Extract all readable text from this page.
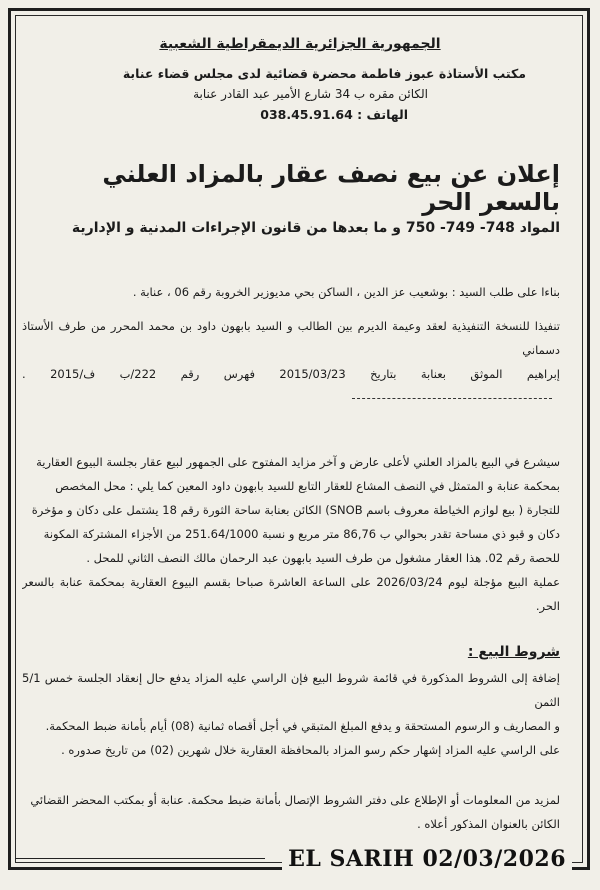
الجمهورية الجزائرية الديمقراطية الشعبية
مكتب الأستاذة عبوز فاطمة محضرة قضائية لدى مجلس قضاء عنابة
الكائن مقره ب 34 شارع الأمير عبد القادر عنابة
الهاتف : 038.45.91.64
إعلان عن بيع نصف عقار بالمزاد العلني بالسعر الحر
المواد 748- 749- 750 و ما بعدها من قانون الإجراءات المدنية و الإدارية
بناءا على طلب السيد : بوشعيب عز الدين ، الساكن بحي مديوزير الخروبة رقم 06 ، عنابة .
تنفيذا للنسخة التنفيذية لعقد وعيمة الديرم بين الطالب و السيد بابهون داود بن محمد المحرر من طرف الأستاذ دسماني
إبراهيم الموثق بعنابة بتاريخ 2015/03/23 فهرس رقم 222/ب ف/2015 .
سيشرع في البيع بالمزاد العلني لأعلى عارض و آخر مزايد المفتوح على الجمهور لبيع عقار بجلسة البيوع العقارية
بمحكمة عنابة و المتمثل في النصف المشاع للعقار التابع للسيد بابهون داود المعين كما يلي : محل المخصص
للتجارة ( بيع لوازم الخياطة معروف باسم SNOB) الكائن بعنابة ساحة الثورة رقم 18 يشتمل على دكان و مؤخرة
دكان و قبو ذي مساحة تقدر بحوالي ب 86,76 متر مربع و نسبة 251.64/1000 من الأجزاء المشتركة المكونة
للحصة رقم 02. هذا العقار مشغول من طرف السيد بابهون عبد الرحمان مالك النصف الثاني للمحل .
عملية البيع مؤجلة ليوم 2026/03/24 على الساعة العاشرة صباحا بقسم البيوع العقارية بمحكمة عنابة بالسعر الحر.
شروط البيع :
إضافة إلى الشروط المذكورة في قائمة شروط البيع فإن الراسي عليه المزاد يدفع حال إنعقاد الجلسة خمس 5/1 الثمن
و المصاريف و الرسوم المستحقة و يدفع المبلغ المتبقي في أجل أقصاه ثمانية (08) أيام بأمانة ضبط المحكمة.
على الراسي عليه المزاد إشهار حكم رسو المزاد بالمحافظة العقارية خلال شهرين (02) من تاريخ صدوره .
لمزيد من المعلومات أو الإطلاع على دفتر الشروط الإتصال بأمانة ضبط محكمة. عنابة أو بمكتب المحضر القضائي
الكائن بالعنوان المذكور أعلاه .
EL SARIH 02/03/2026
